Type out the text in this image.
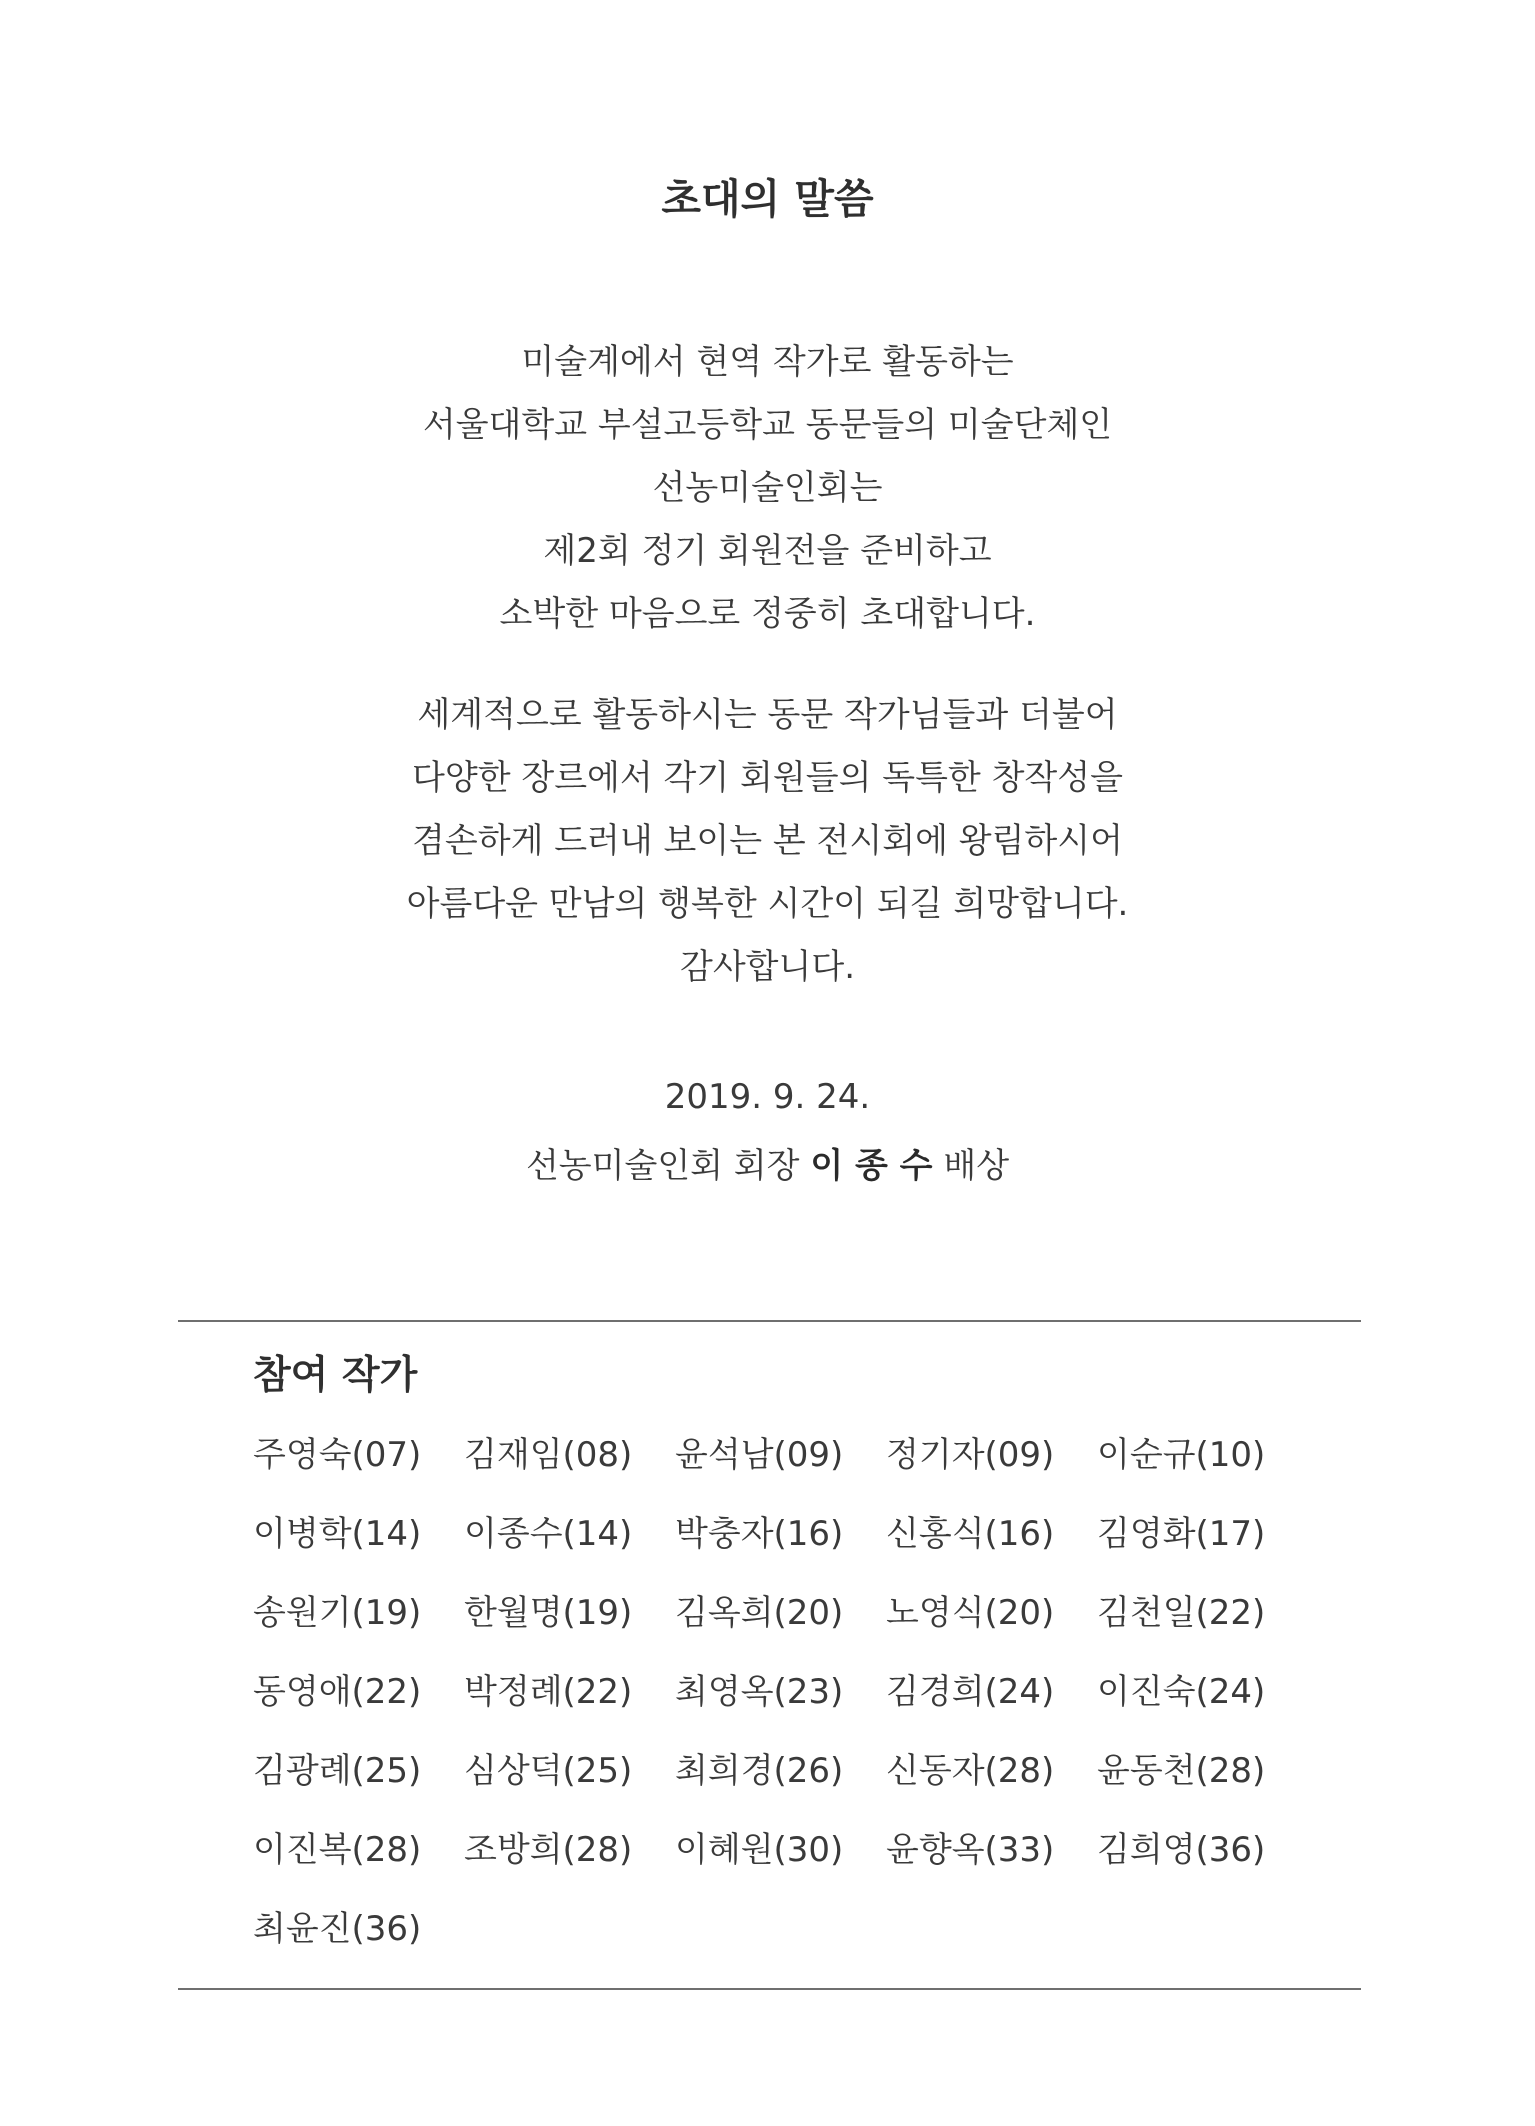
초대의 말씀
미술계에서 현역 작가로 활동하는
서울대학교 부설고등학교 동문들의 미술단체인
선농미술인회는
제2회 정기 회원전을 준비하고
소박한 마음으로 정중히 초대합니다.
세계적으로 활동하시는 동문 작가님들과 더불어
다양한 장르에서 각기 회원들의 독특한 창작성을
겸손하게 드러내 보이는 본 전시회에 왕림하시어
아름다운 만남의 행복한 시간이 되길 희망합니다.
감사합니다.
2019. 9. 24.
선농미술인회 회장 이 종 수 배상
참여 작가
주영숙(07)	김재임(08)	윤석남(09)	정기자(09)	이순규(10)
이병학(14)	이종수(14)	박충자(16)	신홍식(16)	김영화(17)
송원기(19)	한월명(19)	김옥희(20)	노영식(20)	김천일(22)
동영애(22)	박정례(22)	최영옥(23)	김경희(24)	이진숙(24)
김광례(25)	심상덕(25)	최희경(26)	신동자(28)	윤동천(28)
이진복(28)	조방희(28)	이혜원(30)	윤향옥(33)	김희영(36)
최윤진(36)
